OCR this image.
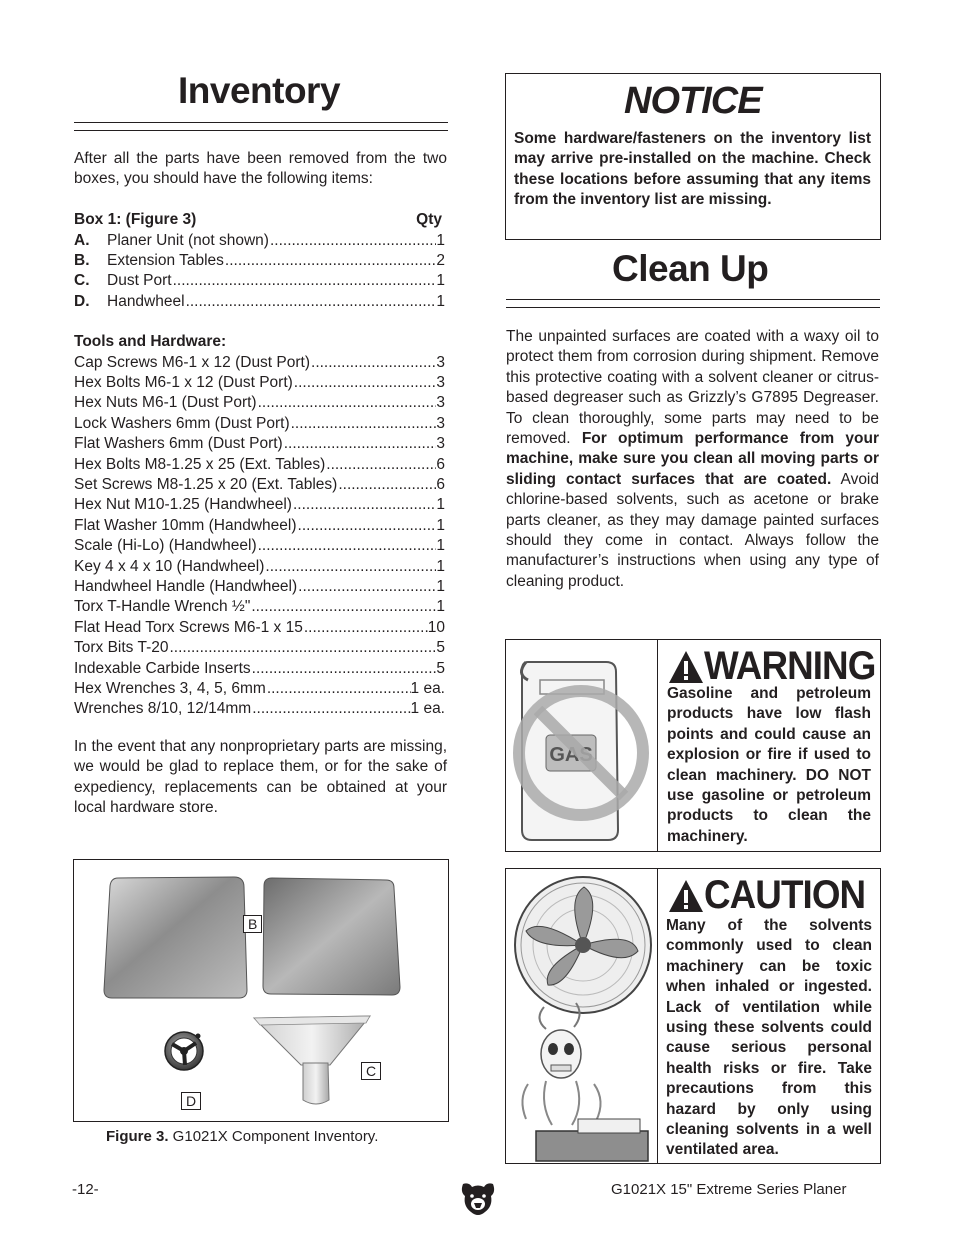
Inventory
After all the parts have been removed from the two boxes, you should have the following items:
Box 1: (Figure 3)	Qty
A.	Planer Unit (not shown) .....	1
B.	Extension Tables .....	2
C.	Dust Port .....	1
D.	Handwheel .....	1
Tools and Hardware:
Cap Screws M6-1 x 12 (Dust Port) .....	3
Hex Bolts M6-1 x 12 (Dust Port) .....	3
Hex Nuts M6-1 (Dust Port) .....	3
Lock Washers 6mm (Dust Port) .....	3
Flat Washers 6mm (Dust Port) .....	3
Hex Bolts M8-1.25 x 25 (Ext. Tables) .....	6
Set Screws M8-1.25 x 20 (Ext. Tables) .....	6
Hex Nut M10-1.25 (Handwheel) .....	1
Flat Washer 10mm (Handwheel) .....	1
Scale (Hi-Lo) (Handwheel) .....	1
Key 4 x 4 x 10 (Handwheel) .....	1
Handwheel Handle (Handwheel) .....	1
Torx T-Handle Wrench ½" .....	1
Flat Head Torx Screws M6-1 x 15 .....	10
Torx Bits T-20 .....	5
Indexable Carbide Inserts .....	5
Hex Wrenches 3, 4, 5, 6mm .....	1 ea.
Wrenches 8/10, 12/14mm .....	1 ea.
In the event that any nonproprietary parts are missing, we would be glad to replace them, or for the sake of expediency, replacements can be obtained at your local hardware store.
B
C
D
Figure 3. G1021X Component Inventory.
NOTICE
Some hardware/fasteners on the inventory list may arrive pre-installed on the machine. Check these locations before assuming that any items from the inventory list are missing.
Clean Up
The unpainted surfaces are coated with a waxy oil to protect them from corrosion during shipment. Remove this protective coating with a solvent cleaner or citrus-based degreaser such as Grizzly’s G7895 Degreaser. To clean thoroughly, some parts may need to be removed. For optimum performance from your machine, make sure you clean all moving parts or sliding contact surfaces that are coated. Avoid chlorine-based solvents, such as acetone or brake parts cleaner, as they may damage painted surfaces should they come in contact. Always follow the manufacturer’s instructions when using any type of cleaning product.
GAS
WARNING
Gasoline and petroleum products have low flash points and could cause an explosion or fire if used to clean machinery. DO NOT use gasoline or petroleum products to clean the machinery.
CAUTION
Many of the solvents commonly used to clean machinery can be toxic when inhaled or ingested. Lack of ventilation while using these solvents could cause serious personal health risks or fire. Take precautions from this hazard by only using cleaning solvents in a well ventilated area.
-12-	G1021X 15" Extreme Series Planer
